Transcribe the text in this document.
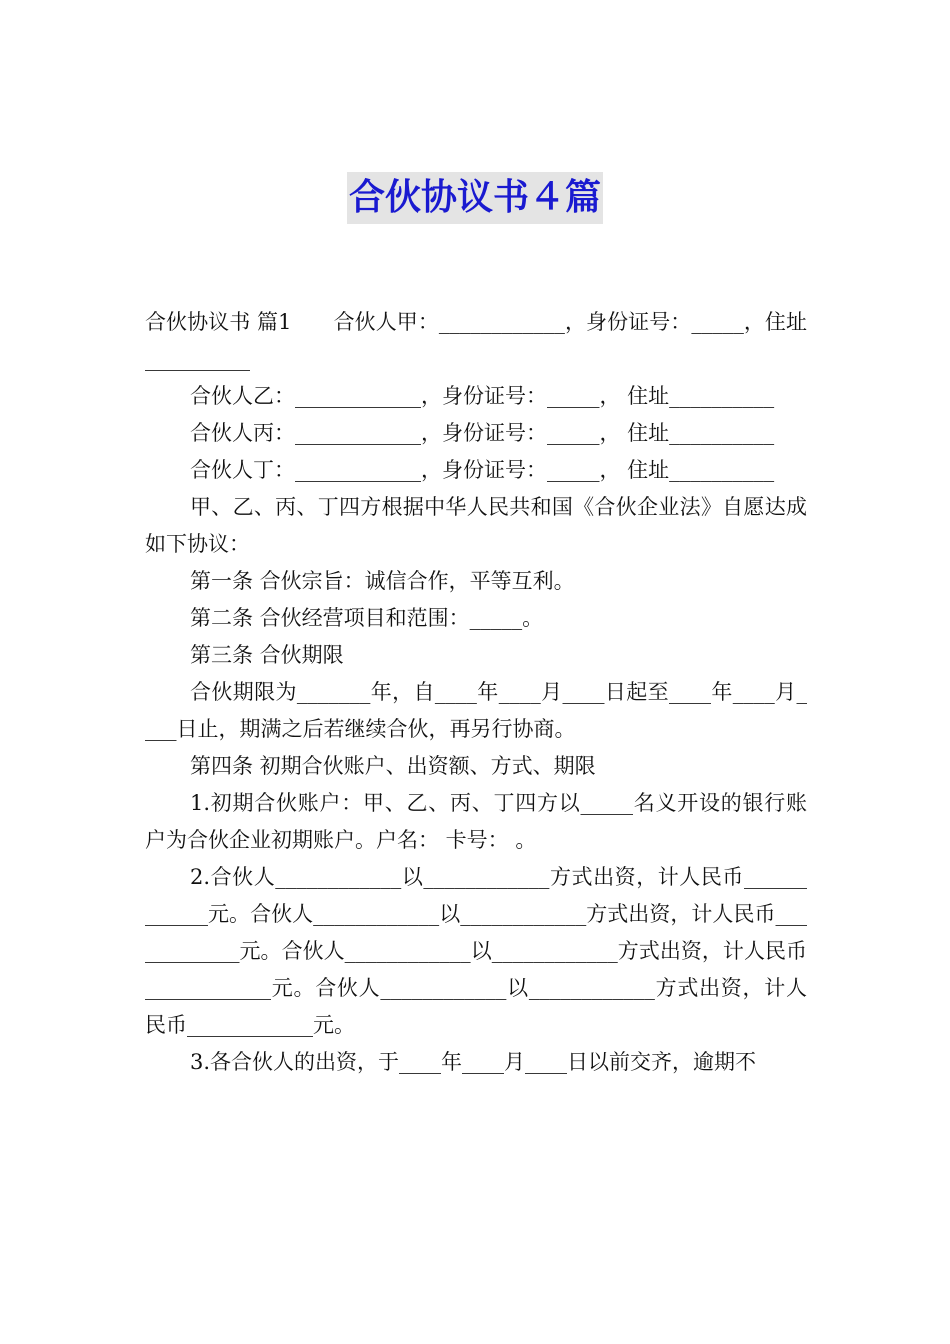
合伙协议书４篇

合伙协议书 篇1　　合伙人甲：____________，身份证号：_____，住址__________

合伙人乙：____________，身份证号：_____， 住址__________

合伙人丙：____________，身份证号：_____， 住址__________

合伙人丁：____________，身份证号：_____， 住址__________

甲、乙、丙、丁四方根据中华人民共和国《合伙企业法》自愿达成如下协议：

第一条 合伙宗旨：诚信合作，平等互利。

第二条 合伙经营项目和范围：_____。

第三条 合伙期限

合伙期限为_______年，自____年____月____日起至____年____月____日止，期满之后若继续合伙，再另行协商。

第四条 初期合伙账户、出资额、方式、期限

1.初期合伙账户：甲、乙、丙、丁四方以_____名义开设的银行账户为合伙企业初期账户。户名： 卡号： 。

2.合伙人____________以____________方式出资，计人民币____________元。合伙人____________以____________方式出资，计人民币____________元。合伙人____________以____________方式出资，计人民币____________元。合伙人____________以____________方式出资，计人民币____________元。

3.各合伙人的出资，于____年____月____日以前交齐，逾期不
